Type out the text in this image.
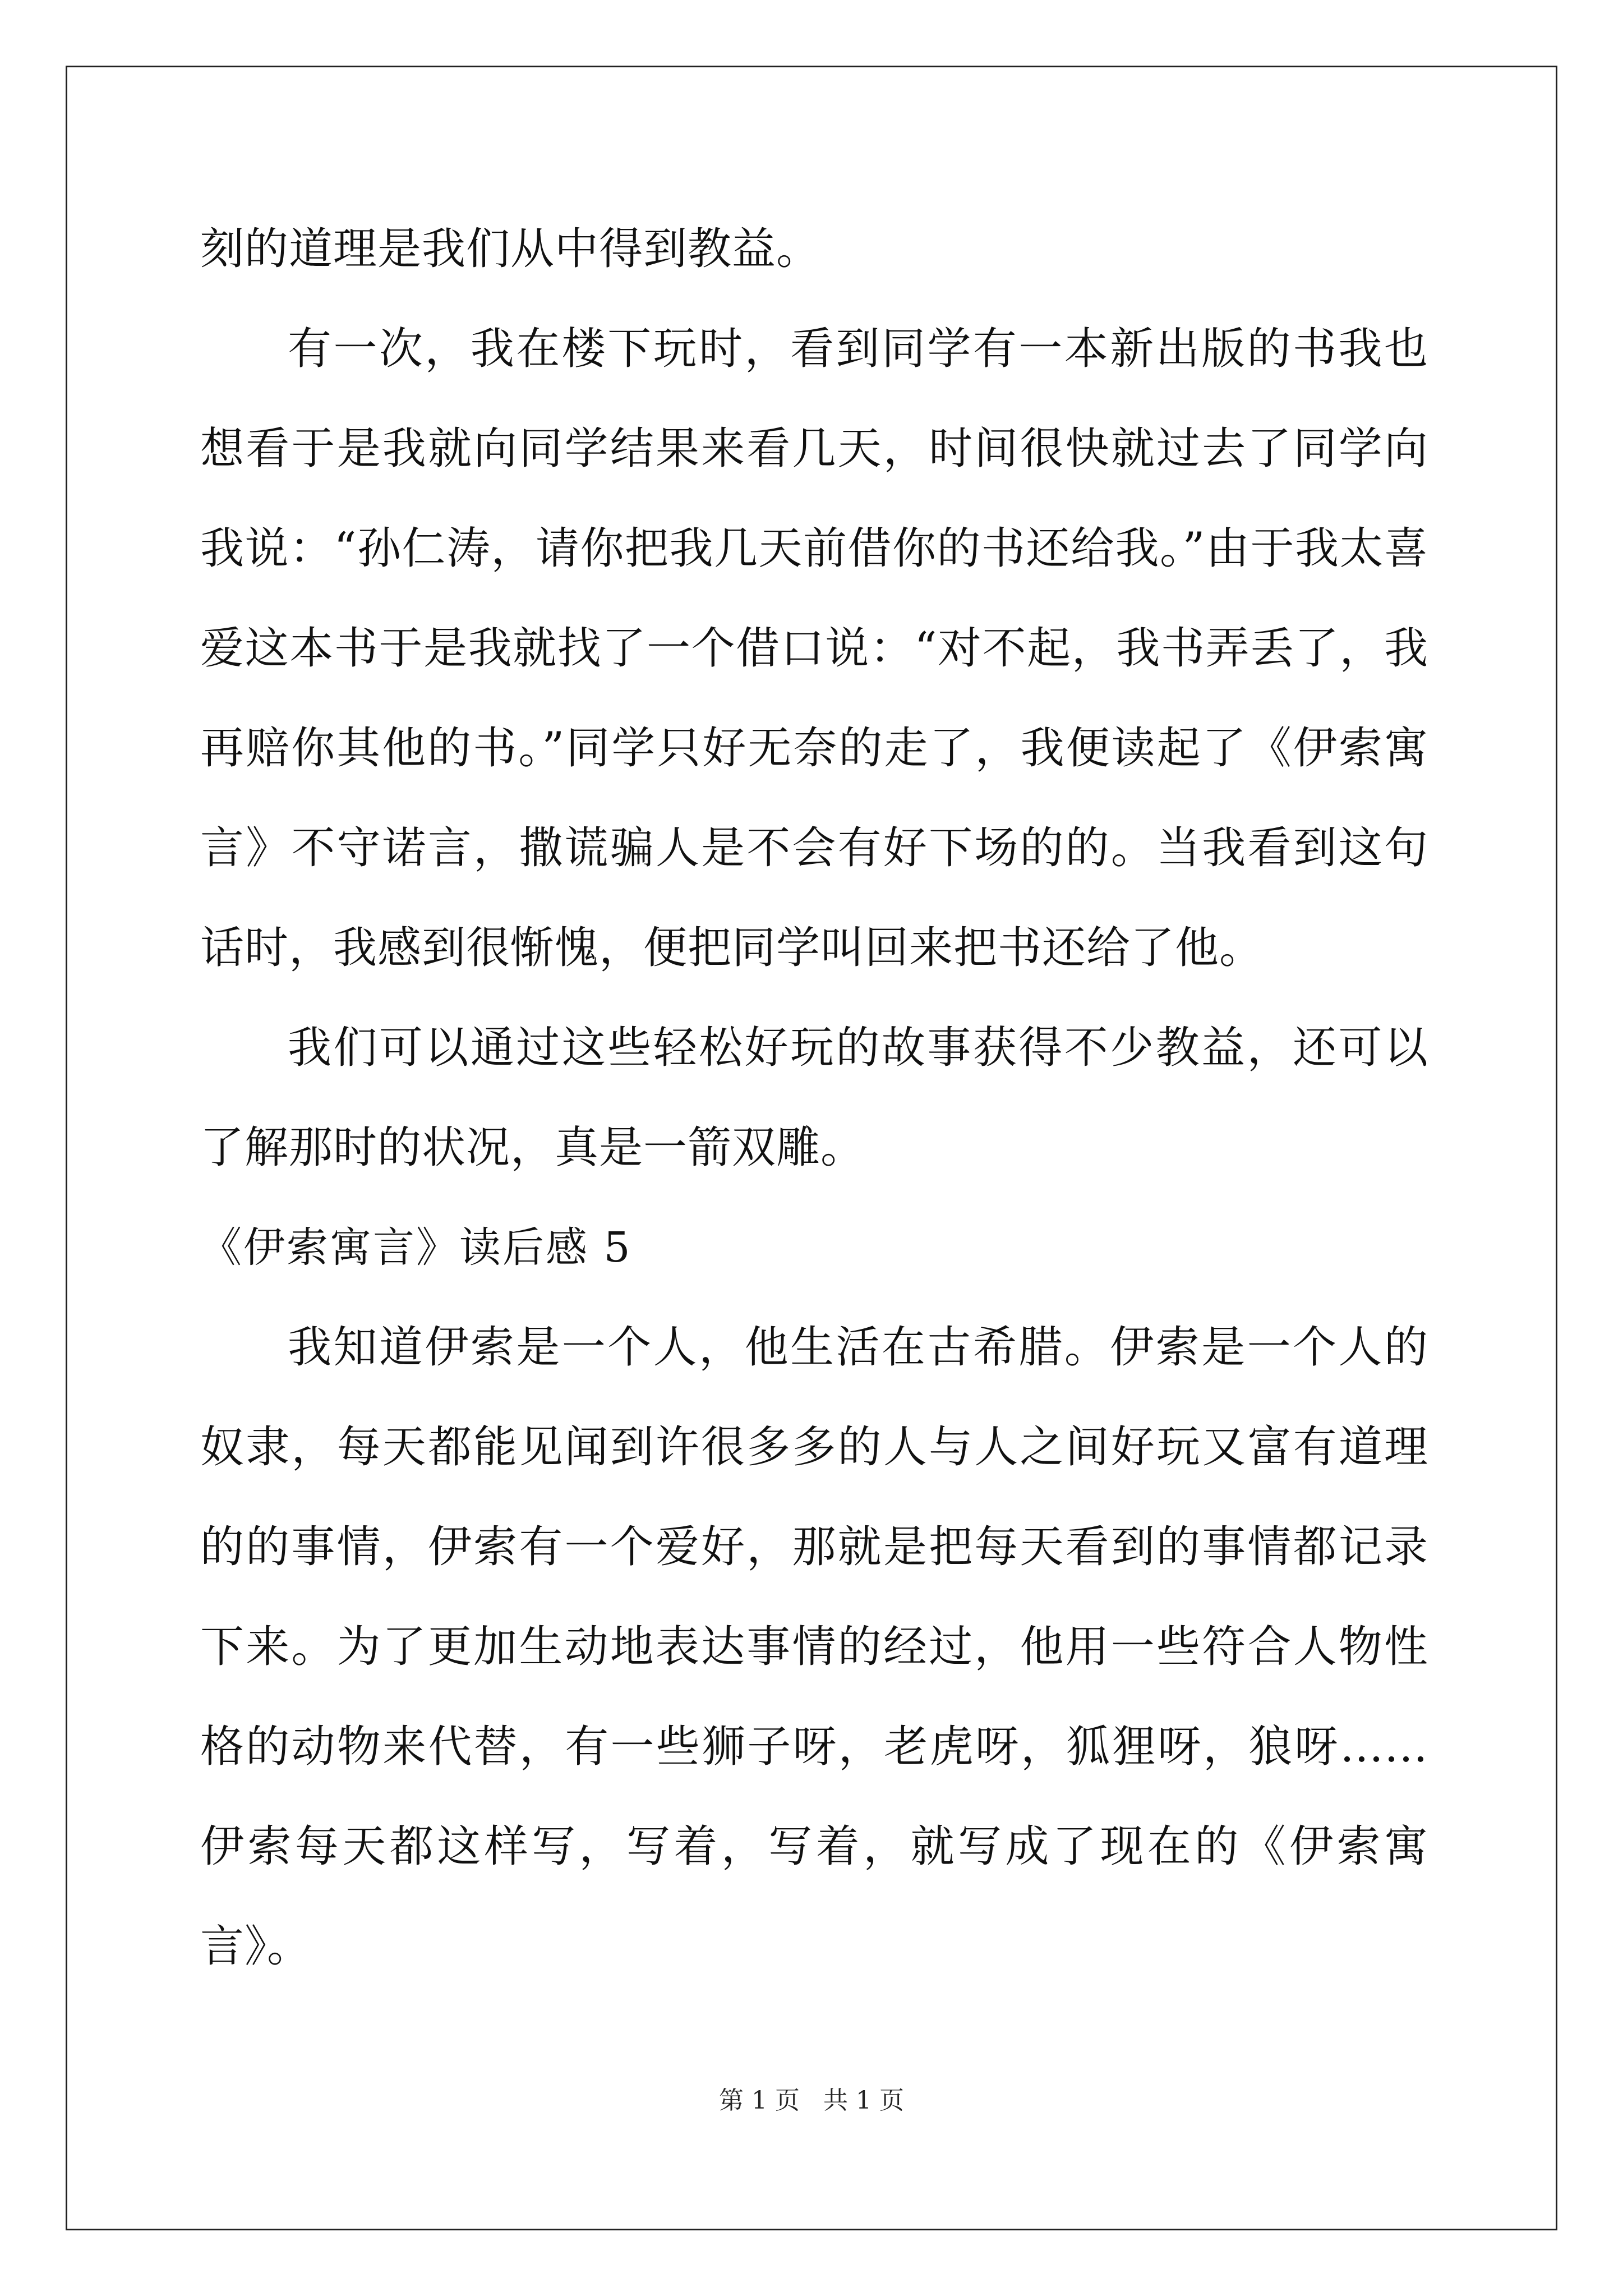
刻的道理是我们从中得到教益。

有一次，我在楼下玩时，看到同学有一本新出版的书我也想看于是我就向同学结果来看几天，时间很快就过去了同学向我说：“孙仁涛，请你把我几天前借你的书还给我。”由于我太喜爱这本书于是我就找了一个借口说：“对不起，我书弄丢了，我再赔你其他的书。”同学只好无奈的走了，我便读起了《伊索寓言》不守诺言，撒谎骗人是不会有好下场的的。当我看到这句话时，我感到很惭愧，便把同学叫回来把书还给了他。

我们可以通过这些轻松好玩的故事获得不少教益，还可以了解那时的状况，真是一箭双雕。

《伊索寓言》读后感 5

我知道伊索是一个人，他生活在古希腊。伊索是一个人的奴隶，每天都能见闻到许很多多的人与人之间好玩又富有道理的的事情，伊索有一个爱好，那就是把每天看到的事情都记录下来。为了更加生动地表达事情的经过，他用一些符合人物性格的动物来代替，有一些狮子呀，老虎呀，狐狸呀，狼呀……伊索每天都这样写，写着，写着，就写成了现在的《伊索寓言》。

第 1 页 共 1 页
